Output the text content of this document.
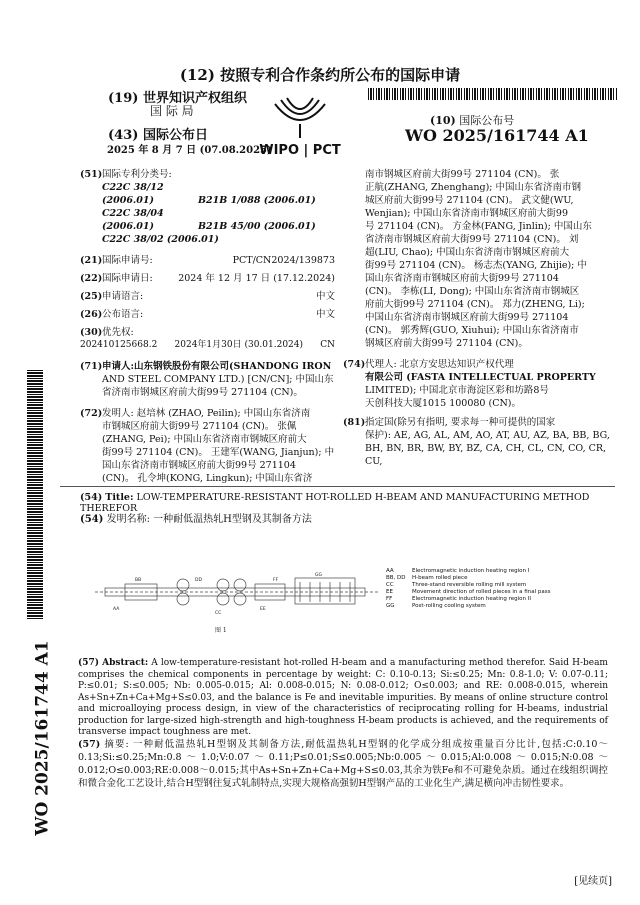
(12) 按照专利合作条约所公布的国际申请
(19) 世界知识产权组织
国 际 局
(43) 国际公布日
2025 年 8 月 7 日 (07.08.2025)
WIPO | PCT
(10) 国际公布号
WO 2025/161744 A1
WO 2025/161744 A1
(51)国际专利分类号:
C22C 38/12 (2006.01)	B21B 1/088 (2006.01)
C22C 38/04 (2006.01)	B21B 45/00 (2006.01)
C22C 38/02 (2006.01)
(21)国际申请号:	PCT/CN2024/139873
(22)国际申请日:	2024 年 12 月 17 日 (17.12.2024)
(25)申请语言:	中文
(26)公布语言:	中文
(30)优先权:
202410125668.2 2024年1月30日 (30.01.2024) CN
(71) 申请人:山东钢铁股份有限公司(SHANDONG IRON
AND STEEL COMPANY LTD.) [CN/CN]; 中国山东
省济南市钢城区府前大街99号 271104 (CN)。
(72) 发明人: 赵培林 (ZHAO, Peilin); 中国山东省济南
市钢城区府前大街99号 271104 (CN)。 张佩
(ZHANG, Pei); 中国山东省济南市钢城区府前大
街99号 271104 (CN)。 王建军(WANG, Jianjun); 中
国山东省济南市钢城区府前大街99号 271104
(CN)。 孔令坤(KONG, Lingkun); 中国山东省济
南市钢城区府前大街99号 271104 (CN)。 张
正航(ZHANG, Zhenghang); 中国山东省济南市钢
城区府前大街99号 271104 (CN)。 武文健(WU,
Wenjian); 中国山东省济南市钢城区府前大街99
号 271104 (CN)。 方金林(FANG, Jinlin); 中国山东
省济南市钢城区府前大街99号 271104 (CN)。 刘
超(LIU, Chao); 中国山东省济南市钢城区府前大
街99号 271104 (CN)。 杨志杰(YANG, Zhijie); 中
国山东省济南市钢城区府前大街99号 271104
(CN)。 李栋(LI, Dong); 中国山东省济南市钢城区
府前大街99号 271104 (CN)。 郑力(ZHENG, Li);
中国山东省济南市钢城区府前大街99号 271104
(CN)。 郭秀辉(GUO, Xiuhui); 中国山东省济南市
钢城区府前大街99号 271104 (CN)。
(74) 代理人: 北京方安思达知识产权代理
有限公司 (FASTA INTELLECTUAL PROPERTY
LIMITED); 中国北京市海淀区彩和坊路8号
天创科技大厦1015 100080 (CN)。
(81) 指定国(除另有指明, 要求每一种可提供的国家
保护): AE, AG, AL, AM, AO, AT, AU, AZ, BA, BB, BG,
BH, BN, BR, BW, BY, BZ, CA, CH, CL, CN, CO, CR, CU,
(54) Title: LOW-TEMPERATURE-RESISTANT HOT-ROLLED H-BEAM AND MANUFACTURING METHOD THEREFOR
(54) 发明名称: 一种耐低温热轧H型钢及其制备方法
AA
BB
CC
DD
EE
FF
GG
图 1
AA	Electromagnetic induction heating region I
BB, DD H-beam rolled piece
CC	Three-stand reversible rolling mill system
EE	Movement direction of rolled pieces in a final pass
FF	Electromagnetic induction heating region II
GG	Post-rolling cooling system
(57) Abstract: A low-temperature-resistant hot-rolled H-beam and a manufacturing method therefor. Said H-beam comprises the chemical components in percentage by weight: C: 0.10-0.13; Si:≤0.25; Mn: 0.8-1.0; V: 0.07-0.11; P:≤0.01; S:≤0.005; Nb: 0.005-0.015; Al: 0.008-0.015; N: 0.08-0.012; O≤0.003; and RE: 0.008-0.015, wherein As+Sn+Zn+Ca+Mg+S≤0.03, and the balance is Fe and inevitable impurities. By means of online structure control and microalloying process design, in view of the characteristics of reciprocating rolling for H-beams, industrial production for large-sized high-strength and high-toughness H-beam products is achieved, and the requirements of transverse impact toughness are met.
(57) 摘要: 一种耐低温热轧H型钢及其制备方法,耐低温热轧H型钢的化学成分组成按重量百分比计,包括:C:0.10～0.13;Si:≤0.25;Mn:0.8～1.0;V:0.07～0.11;P≤0.01;S≤0.005;Nb:0.005～0.015;Al:0.008～0.015;N:0.08～0.012;O≤0.003;RE:0.008～0.015;其中As+Sn+Zn+Ca+Mg+S≤0.03,其余为铁Fe和不可避免杂质。通过在线组织调控和微合金化工艺设计,结合H型钢往复式轧制特点,实现大规格高强韧H型钢产品的工业化生产,满足横向冲击韧性要求。
[见续页]
